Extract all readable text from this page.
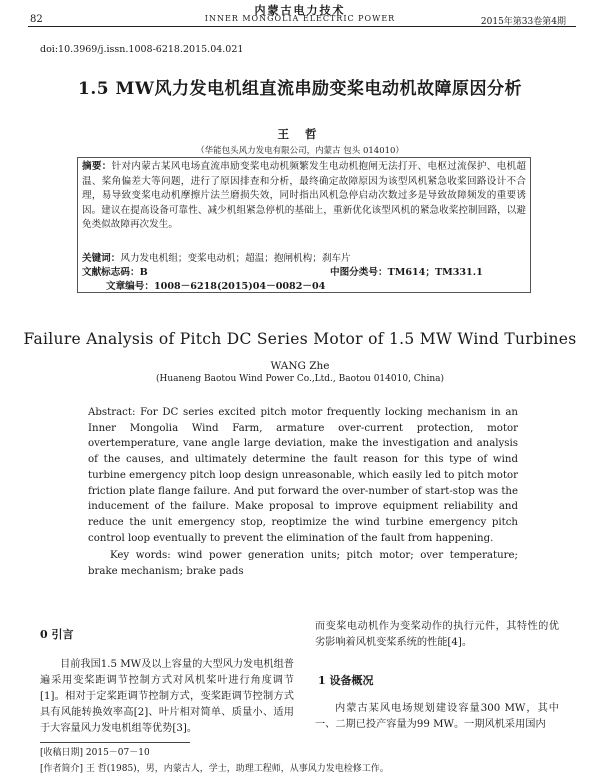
内蒙古电力技术
82	INNER MONGOLIA ELECTRIC POWER	2015年第33卷第4期
doi:10.3969/j.issn.1008-6218.2015.04.021
1.5 MW风力发电机组直流串励变桨电动机故障原因分析
王 哲
（华能包头风力发电有限公司，内蒙古 包头 014010）
摘要：针对内蒙古某风电场直流串励变桨电动机频繁发生电动机抱闸无法打开、电枢过流保护、电机超温、桨角偏差大等问题，进行了原因排查和分析，最终确定故障原因为该型风机紧急收桨回路设计不合理，易导致变桨电动机摩擦片法兰磨损失效，同时指出风机急停启动次数过多是导致故障频发的重要诱因。建议在提高设备可靠性、减少机组紧急停机的基础上，重新优化该型风机的紧急收桨控制回路，以避免类似故障再次发生。
关键词：风力发电机组；变桨电动机；超温；抱闸机构；刹车片
文献标志码：B	中图分类号：TM614；TM331.1
文章编号：1008－6218(2015)04－0082－04
Failure Analysis of Pitch DC Series Motor of 1.5 MW Wind Turbines
WANG Zhe
(Huaneng Baotou Wind Power Co.,Ltd., Baotou 014010, China)
Abstract: For DC series excited pitch motor frequently locking mechanism in an Inner Mongolia Wind Farm, armature over-current protection, motor overtemperature, vane angle large deviation, make the investigation and analysis of the causes, and ultimately determine the fault reason for this type of wind turbine emergency pitch loop design unreasonable, which easily led to pitch motor friction plate flange failure. And put forward the over-number of start-stop was the inducement of the failure. Make proposal to improve equipment reliability and reduce the unit emergency stop, reoptimize the wind turbine emergency pitch control loop eventually to prevent the elimination of the fault from happening.
Key words: wind power generation units; pitch motor; over temperature; brake mechanism; brake pads
0 引言
目前我国1.5 MW及以上容量的大型风力发电机组普遍采用变桨距调节控制方式对风机桨叶进行角度调节[1]。相对于定桨距调节控制方式，变桨距调节控制方式具有风能转换效率高[2]、叶片相对简单、质量小、适用于大容量风力发电机组等优势[3]。
而变桨电动机作为变桨动作的执行元件，其特性的优劣影响着风机变桨系统的性能[4]。
1 设备概况
内蒙古某风电场规划建设容量300 MW，其中一、二期已投产容量为99 MW。一期风机采用国内
[收稿日期] 2015－07－10
[作者简介] 王 哲(1985)，男，内蒙古人，学士，助理工程师，从事风力发电检修工作。
